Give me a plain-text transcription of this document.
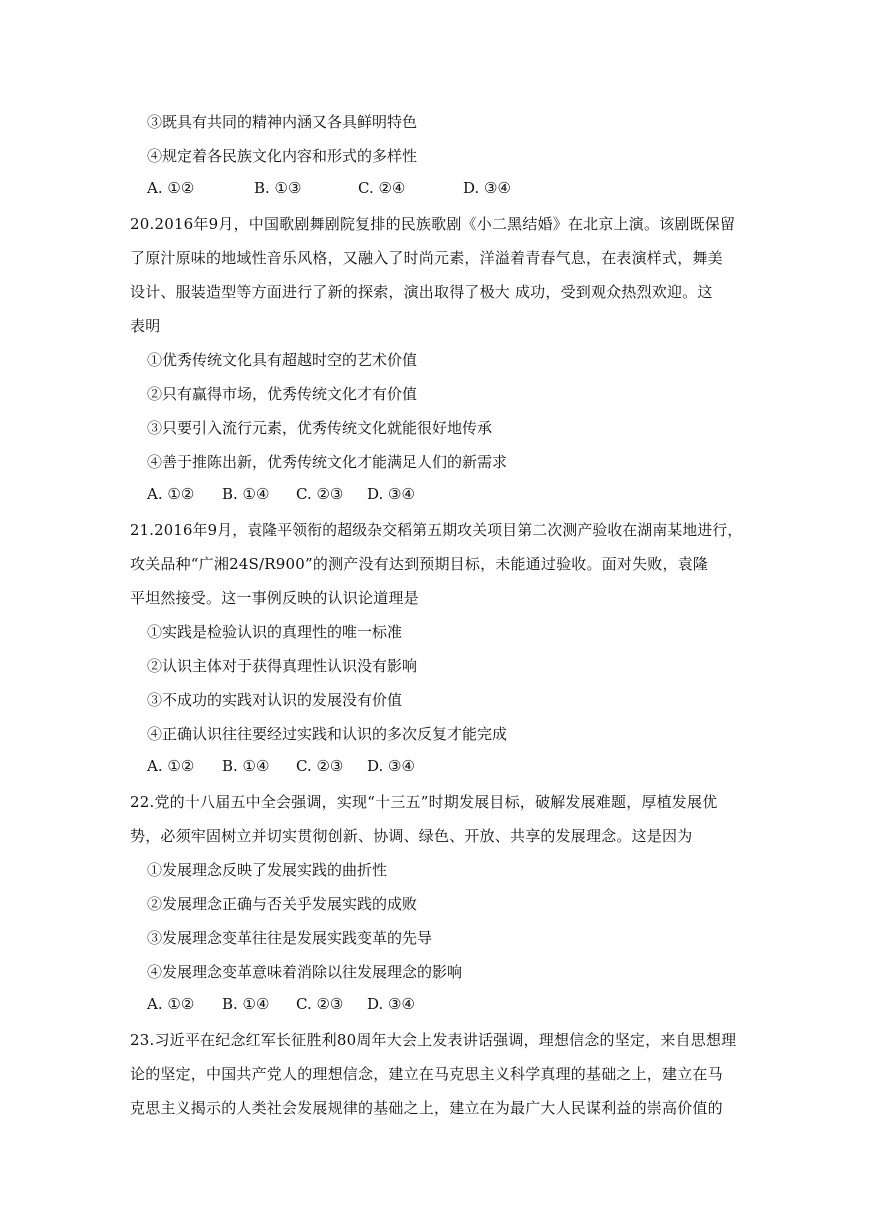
③既具有共同的精神内涵又各具鲜明特色
④规定着各民族文化内容和形式的多样性
A. ①②	B. ①③	C. ②④	D. ③④
20.2016年9月，中国歌剧舞剧院复排的民族歌剧《小二黑结婚》在北京上演。该剧既保留
了原汁原味的地域性音乐风格，又融入了时尚元素，洋溢着青春气息，在表演样式，舞美
设计、服装造型等方面进行了新的探索，演出取得了极大 成功，受到观众热烈欢迎。这
表明
①优秀传统文化具有超越时空的艺术价值
②只有赢得市场，优秀传统文化才有价值
③只要引入流行元素，优秀传统文化就能很好地传承
④善于推陈出新，优秀传统文化才能满足人们的新需求
A. ①② B. ①④ C. ②③ D. ③④
21.2016年9月，袁隆平领衔的超级杂交稻第五期攻关项目第二次测产验收在湖南某地进行，
攻关品种“广湘24S/R900”的测产没有达到预期目标，未能通过验收。面对失败，袁隆
平坦然接受。这一事例反映的认识论道理是
①实践是检验认识的真理性的唯一标准
②认识主体对于获得真理性认识没有影响
③不成功的实践对认识的发展没有价值
④正确认识往往要经过实践和认识的多次反复才能完成
A. ①② B. ①④ C. ②③ D. ③④
22.党的十八届五中全会强调，实现“十三五”时期发展目标，破解发展难题，厚植发展优
势，必须牢固树立并切实贯彻创新、协调、绿色、开放、共享的发展理念。这是因为
①发展理念反映了发展实践的曲折性
②发展理念正确与否关乎发展实践的成败
③发展理念变革往往是发展实践变革的先导
④发展理念变革意味着消除以往发展理念的影响
A. ①② B. ①④ C. ②③ D. ③④
23.习近平在纪念红军长征胜利80周年大会上发表讲话强调，理想信念的坚定，来自思想理
论的坚定，中国共产党人的理想信念，建立在马克思主义科学真理的基础之上，建立在马
克思主义揭示的人类社会发展规律的基础之上，建立在为最广大人民谋利益的崇高价值的
